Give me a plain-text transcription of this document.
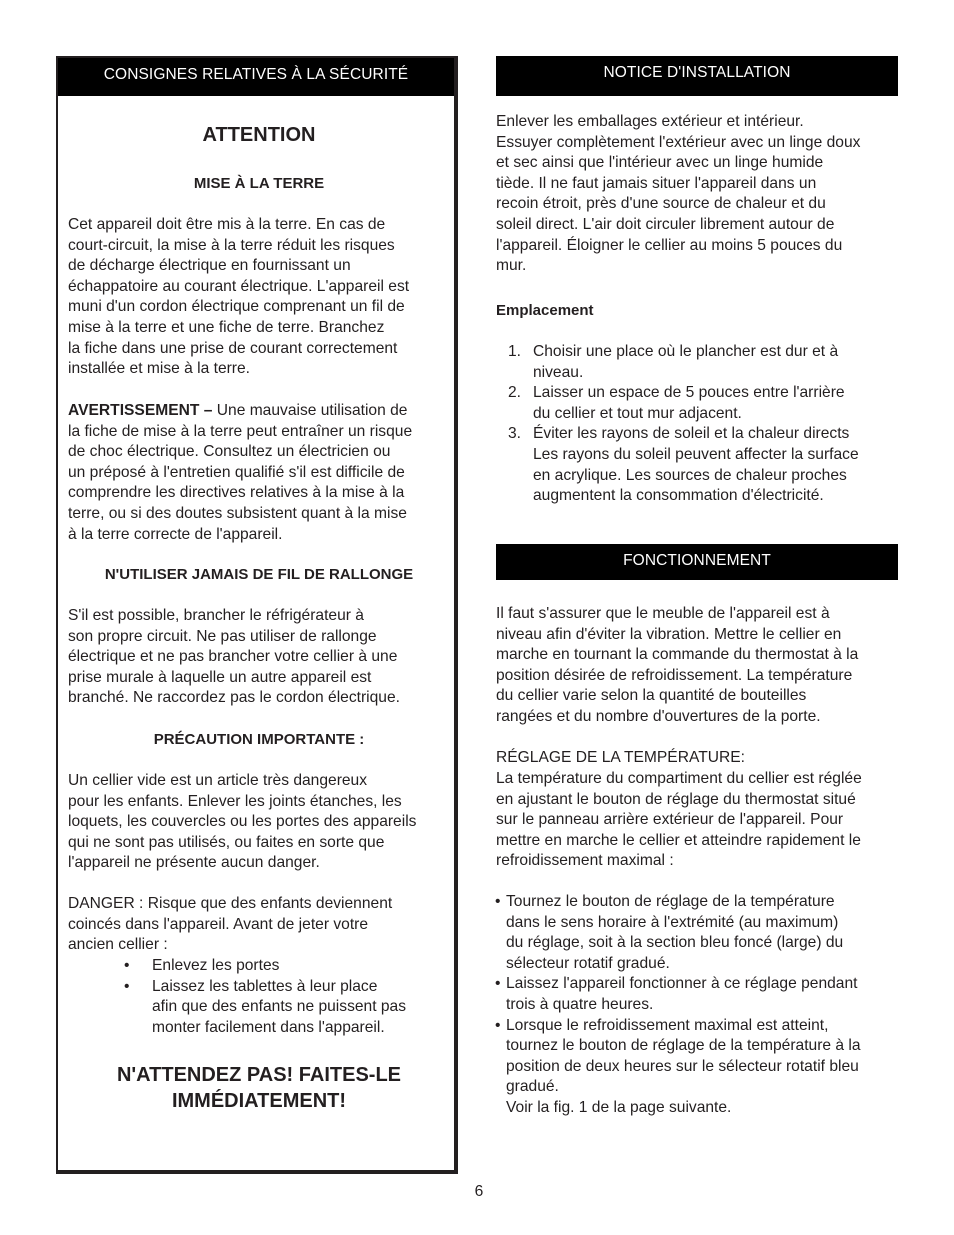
CONSIGNES RELATIVES À LA SÉCURITÉ
ATTENTION
MISE À LA TERRE

Cet appareil doit être mis à la terre. En cas de
court-circuit, la mise à la terre réduit les risques
de décharge électrique en fournissant un
échappatoire au courant électrique. L'appareil est
muni d'un cordon électrique comprenant un fil de
mise à la terre et une fiche de terre. Branchez
la fiche dans une prise de courant correctement
installée et mise à la terre.

AVERTISSEMENT – Une mauvaise utilisation de
la fiche de mise à la terre peut entraîner un risque
de choc électrique. Consultez un électricien ou
un préposé à l'entretien qualifié s'il est difficile de
comprendre les directives relatives à la mise à la
terre, ou si des doutes subsistent quant à la mise
à la terre correcte de l'appareil.

N'UTILISER JAMAIS DE FIL DE RALLONGE

S'il est possible, brancher le réfrigérateur à
son propre circuit. Ne pas utiliser de rallonge
électrique et ne pas brancher votre cellier à une
prise murale à laquelle un autre appareil est
branché. Ne raccordez pas le cordon électrique.

PRÉCAUTION IMPORTANTE :

Un cellier vide est un article très dangereux
pour les enfants. Enlever les joints étanches, les
loquets, les couvercles ou les portes des appareils
qui ne sont pas utilisés, ou faites en sorte que
l'appareil ne présente aucun danger.

DANGER : Risque que des enfants deviennent
coincés dans l'appareil. Avant de jeter votre
ancien cellier :

• Enlevez les portes
• Laissez les tablettes à leur place
afin que des enfants ne puissent pas
monter facilement dans l'appareil.
N'ATTENDEZ PAS! FAITES-LE
IMMÉDIATEMENT!
NOTICE D'INSTALLATION

Enlever les emballages extérieur et intérieur.
Essuyer complètement l'extérieur avec un linge doux
et sec ainsi que l'intérieur avec un linge humide
tiède. Il ne faut jamais situer l'appareil dans un
recoin étroit, près d'une source de chaleur et du
soleil direct. L'air doit circuler librement autour de
l'appareil. Éloigner le cellier au moins 5 pouces du
mur.

Emplacement
1. Choisir une place où le plancher est dur et à
niveau.
2. Laisser un espace de 5 pouces entre l'arrière
du cellier et tout mur adjacent.
3. Éviter les rayons de soleil et la chaleur directs
Les rayons du soleil peuvent affecter la surface
en acrylique. Les sources de chaleur proches
augmentent la consommation d'électricité.
FONCTIONNEMENT

Il faut s'assurer que le meuble de l'appareil est à
niveau afin d'éviter la vibration. Mettre le cellier en
marche en tournant la commande du thermostat à la
position désirée de refroidissement. La température
du cellier varie selon la quantité de bouteilles
rangées et du nombre d'ouvertures de la porte.

RÉGLAGE DE LA TEMPÉRATURE:

La température du compartiment du cellier est réglée
en ajustant le bouton de réglage du thermostat situé
sur le panneau arrière extérieur de l'appareil. Pour
mettre en marche le cellier et atteindre rapidement le
refroidissement maximal :

• Tournez le bouton de réglage de la température
dans le sens horaire à l'extrémité (au maximum)
du réglage, soit à la section bleu foncé (large) du
sélecteur rotatif gradué.
• Laissez l'appareil fonctionner à ce réglage pendant
trois à quatre heures.
• Lorsque le refroidissement maximal est atteint,
tournez le bouton de réglage de la température à la
position de deux heures sur le sélecteur rotatif bleu
gradué.
Voir la fig. 1 de la page suivante.
6
